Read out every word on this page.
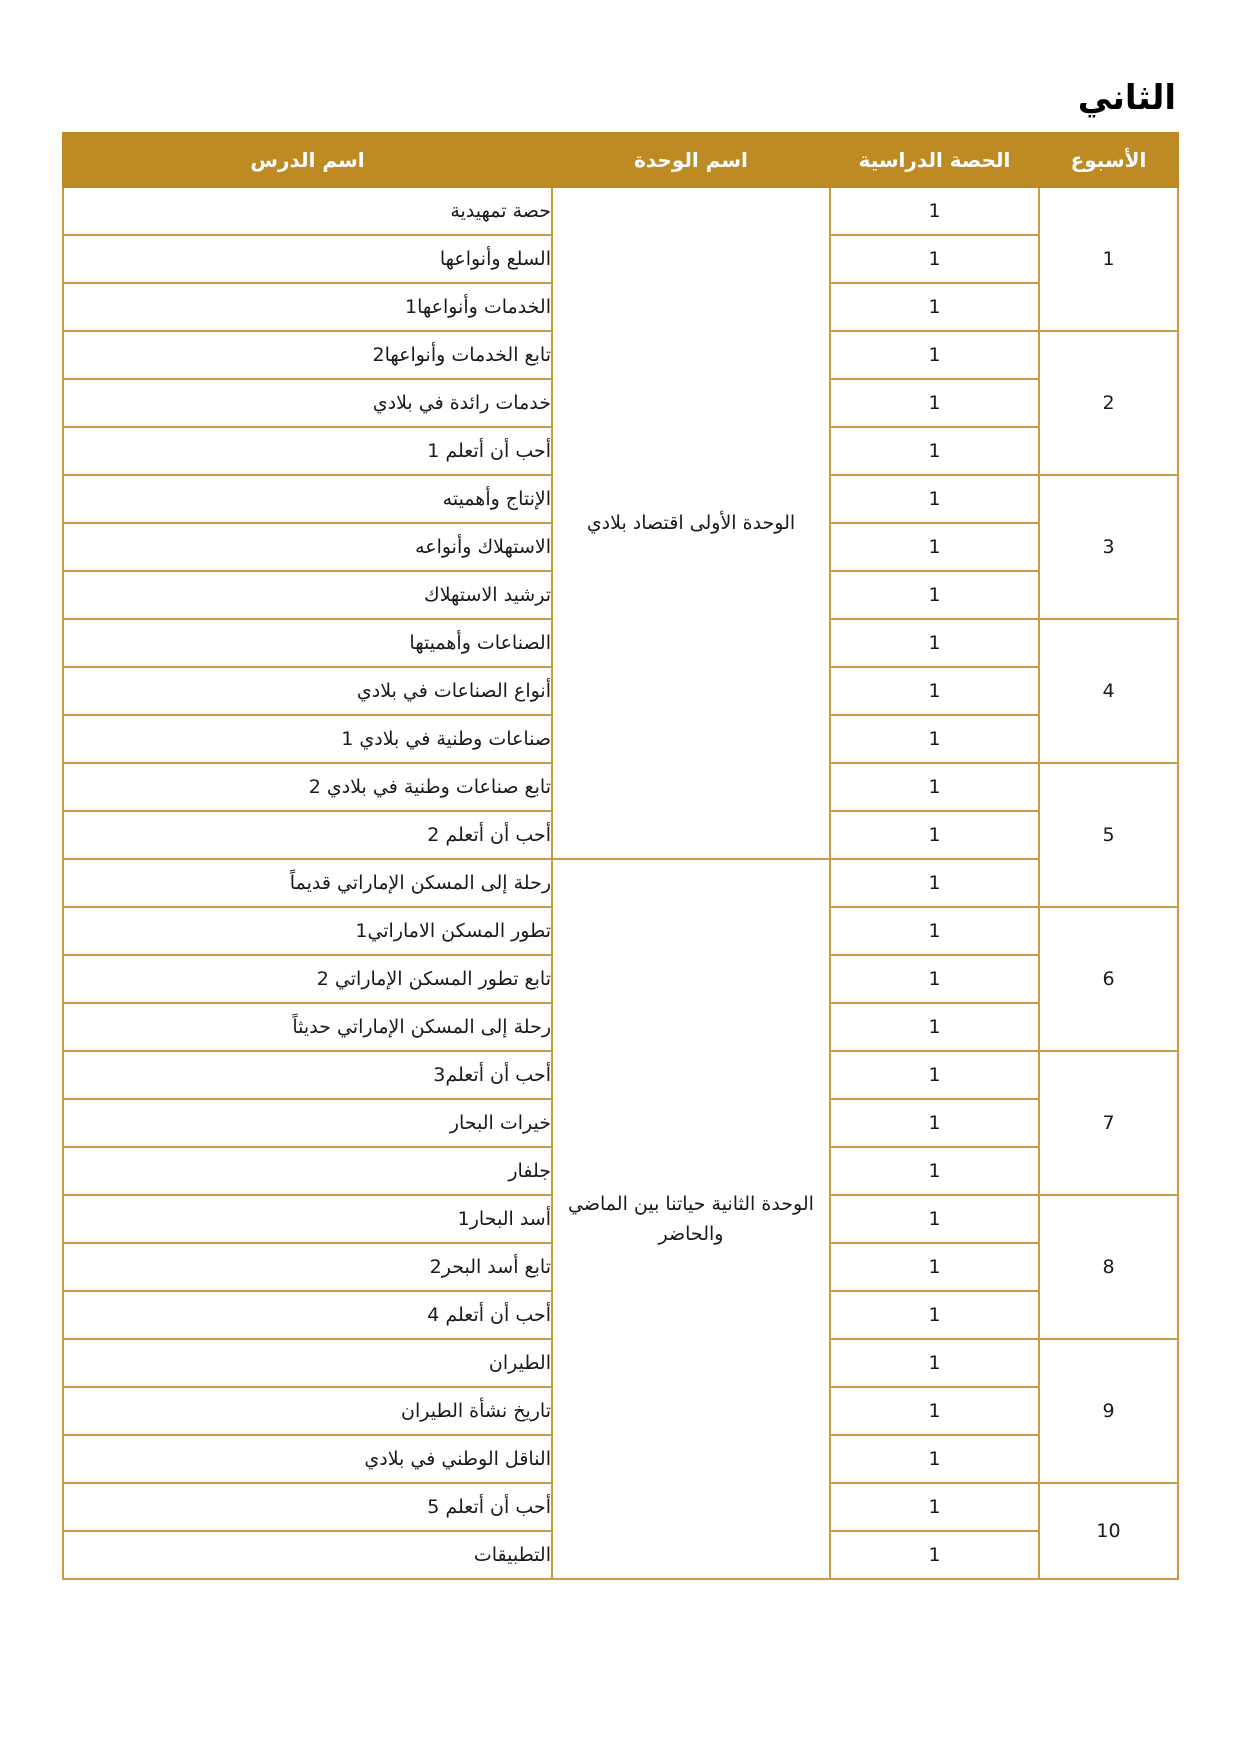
الثاني
الأسبوع	الحصة الدراسية	اسم الوحدة	اسم الدرس
1	1	الوحدة الأولى اقتصاد بلادي	حصة تمهيدية
	1		السلع وأنواعها
	1		الخدمات وأنواعها1
2	1		تابع الخدمات وأنواعها2
	1		خدمات رائدة في بلادي
	1		أحب أن أتعلم 1
3	1		الإنتاج وأهميته
	1		الاستهلاك وأنواعه
	1		ترشيد الاستهلاك
4	1		الصناعات وأهميتها
	1		أنواع الصناعات في بلادي
	1		صناعات وطنية في بلادي 1
5	1		تابع صناعات وطنية في بلادي 2
	1		أحب أن أتعلم 2
	1	الوحدة الثانية حياتنا بين الماضي والحاضر	رحلة إلى المسكن الإماراتي قديماً
6	1		تطور المسكن الاماراتي1
	1		تابع تطور المسكن الإماراتي 2
	1		رحلة إلى المسكن الإماراتي حديثاً
7	1		أحب أن أتعلم3
	1		خيرات البحار
	1		جلفار
8	1		أسد البحار1
	1		تابع أسد البحر2
	1		أحب أن أتعلم 4
9	1		الطيران
	1		تاريخ نشأة الطيران
	1		الناقل الوطني في بلادي
10	1		أحب أن أتعلم 5
	1		التطبيقات
